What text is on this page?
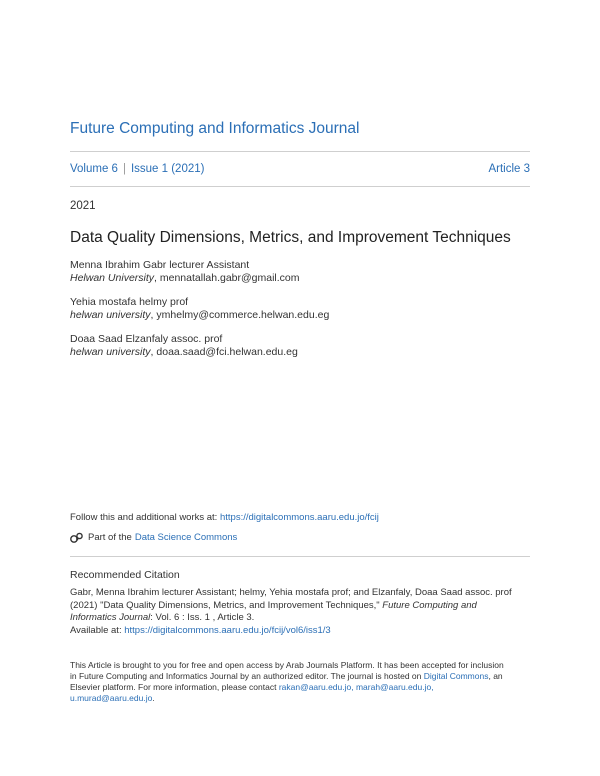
Future Computing and Informatics Journal
Volume 6 | Issue 1 (2021)	Article 3
2021
Data Quality Dimensions, Metrics, and Improvement Techniques
Menna Ibrahim Gabr lecturer Assistant
Helwan University, mennatallah.gabr@gmail.com
Yehia mostafa helmy prof
helwan university, ymhelmy@commerce.helwan.edu.eg
Doaa Saad Elzanfaly assoc. prof
helwan university, doaa.saad@fci.helwan.edu.eg
Follow this and additional works at: https://digitalcommons.aaru.edu.jo/fcij
Part of the Data Science Commons
Recommended Citation
Gabr, Menna Ibrahim lecturer Assistant; helmy, Yehia mostafa prof; and Elzanfaly, Doaa Saad assoc. prof
(2021) "Data Quality Dimensions, Metrics, and Improvement Techniques," Future Computing and
Informatics Journal: Vol. 6 : Iss. 1 , Article 3.
Available at: https://digitalcommons.aaru.edu.jo/fcij/vol6/iss1/3
This Article is brought to you for free and open access by Arab Journals Platform. It has been accepted for inclusion in Future Computing and Informatics Journal by an authorized editor. The journal is hosted on Digital Commons, an Elsevier platform. For more information, please contact rakan@aaru.edu.jo, marah@aaru.edu.jo, u.murad@aaru.edu.jo.
